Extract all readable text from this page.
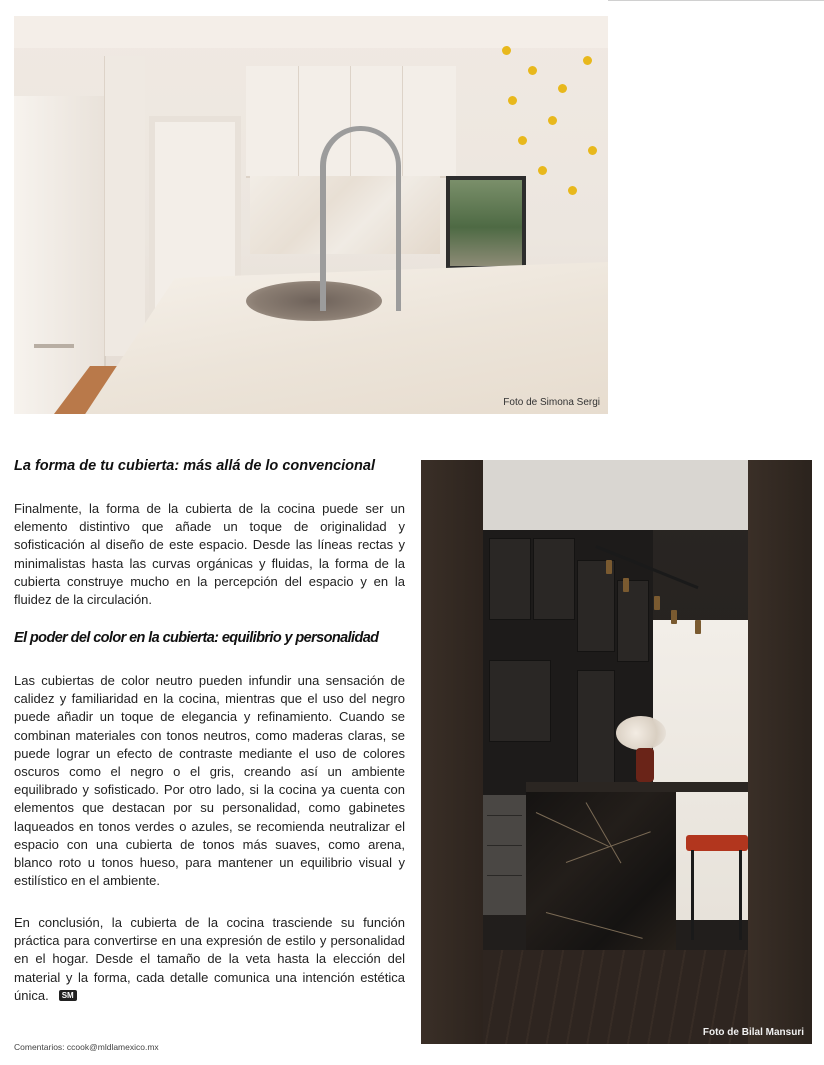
Foto de Simona Sergi
Foto de Bilal Mansuri
La forma de tu cubierta: más allá de lo convencional

Finalmente, la forma de la cubierta de la cocina puede ser un elemento distintivo que añade un toque de originalidad y sofisticación al diseño de este espacio. Desde las líneas rectas y minimalistas hasta las curvas orgánicas y fluidas, la forma de la cubierta construye mucho en la percepción del espacio y en la fluidez de la circulación.

El poder del color en la cubierta: equilibrio y personalidad

Las cubiertas de color neutro pueden infundir una sensación de calidez y familiaridad en la cocina, mientras que el uso del negro puede añadir un toque de elegancia y refinamiento. Cuando se combinan materiales con tonos neutros, como maderas claras, se puede lograr un efecto de contraste mediante el uso de colores oscuros como el negro o el gris, creando así un ambiente equilibrado y sofisticado. Por otro lado, si la cocina ya cuenta con elementos que destacan por su personalidad, como gabinetes laqueados en tonos verdes o azules, se recomienda neutralizar el espacio con una cubierta de tonos más suaves, como arena, blanco roto u tonos hueso, para mantener un equilibrio visual y estilístico en el ambiente.

En conclusión, la cubierta de la cocina trasciende su función práctica para convertirse en una expresión de estilo y personalidad en el hogar. Desde el tamaño de la veta hasta la elección del material y la forma, cada detalle comunica una intención estética única. SM

Comentarios: ccook@mldlamexico.mx
